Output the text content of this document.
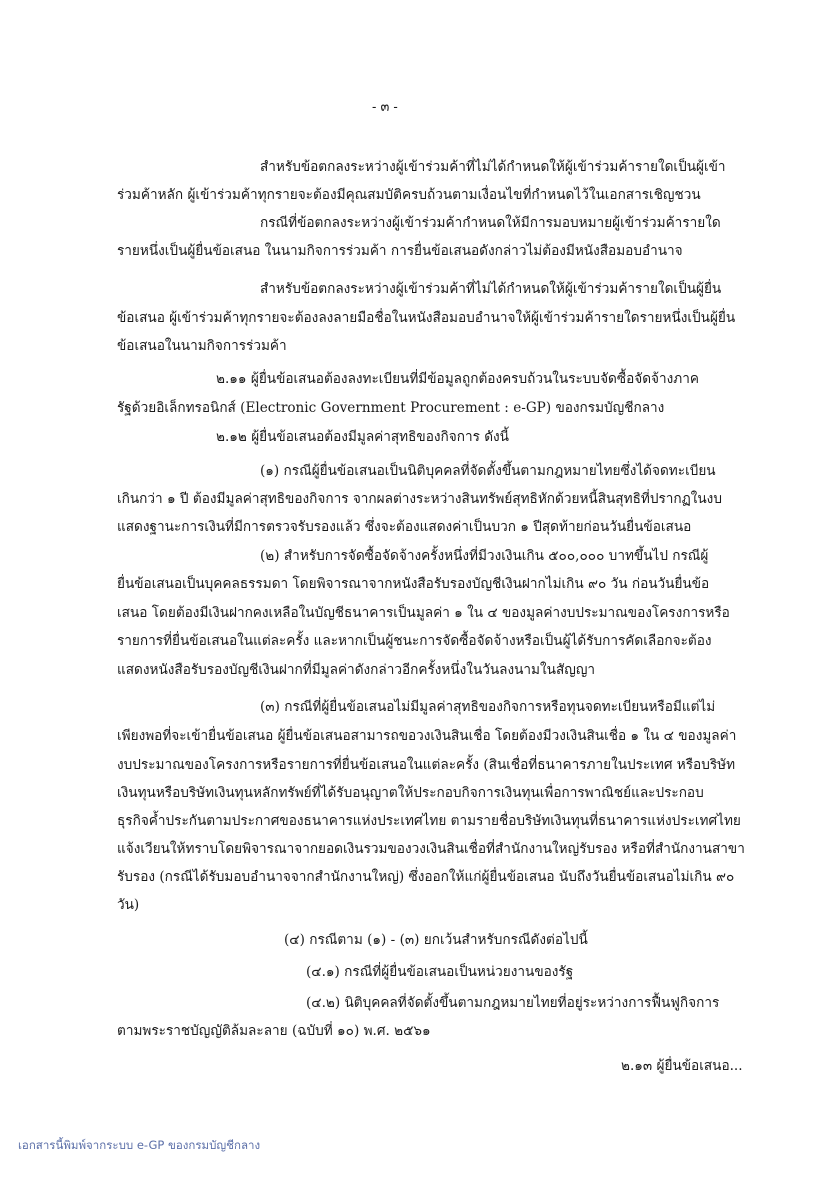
- ๓ -
สำหรับข้อตกลงระหว่างผู้เข้าร่วมค้าที่ไม่ได้กำหนดให้ผู้เข้าร่วมค้ารายใดเป็นผู้เข้า
ร่วมค้าหลัก ผู้เข้าร่วมค้าทุกรายจะต้องมีคุณสมบัติครบถ้วนตามเงื่อนไขที่กำหนดไว้ในเอกสารเชิญชวน
กรณีที่ข้อตกลงระหว่างผู้เข้าร่วมค้ากำหนดให้มีการมอบหมายผู้เข้าร่วมค้ารายใด
รายหนึ่งเป็นผู้ยื่นข้อเสนอ ในนามกิจการร่วมค้า การยื่นข้อเสนอดังกล่าวไม่ต้องมีหนังสือมอบอำนาจ
สำหรับข้อตกลงระหว่างผู้เข้าร่วมค้าที่ไม่ได้กำหนดให้ผู้เข้าร่วมค้ารายใดเป็นผู้ยื่น
ข้อเสนอ ผู้เข้าร่วมค้าทุกรายจะต้องลงลายมือชื่อในหนังสือมอบอำนาจให้ผู้เข้าร่วมค้ารายใดรายหนึ่งเป็นผู้ยื่น
ข้อเสนอในนามกิจการร่วมค้า
๒.๑๑ ผู้ยื่นข้อเสนอต้องลงทะเบียนที่มีข้อมูลถูกต้องครบถ้วนในระบบจัดซื้อจัดจ้างภาค
รัฐด้วยอิเล็กทรอนิกส์ (Electronic Government Procurement : e-GP) ของกรมบัญชีกลาง
๒.๑๒ ผู้ยื่นข้อเสนอต้องมีมูลค่าสุทธิของกิจการ ดังนี้
(๑) กรณีผู้ยื่นข้อเสนอเป็นนิติบุคคลที่จัดตั้งขึ้นตามกฎหมายไทยซึ่งได้จดทะเบียน
เกินกว่า ๑ ปี ต้องมีมูลค่าสุทธิของกิจการ จากผลต่างระหว่างสินทรัพย์สุทธิหักด้วยหนี้สินสุทธิที่ปรากฏในงบ
แสดงฐานะการเงินที่มีการตรวจรับรองแล้ว ซึ่งจะต้องแสดงค่าเป็นบวก ๑ ปีสุดท้ายก่อนวันยื่นข้อเสนอ
(๒) สำหรับการจัดซื้อจัดจ้างครั้งหนึ่งที่มีวงเงินเกิน ๕๐๐,๐๐๐ บาทขึ้นไป กรณีผู้
ยื่นข้อเสนอเป็นบุคคลธรรมดา โดยพิจารณาจากหนังสือรับรองบัญชีเงินฝากไม่เกิน ๙๐ วัน ก่อนวันยื่นข้อ
เสนอ โดยต้องมีเงินฝากคงเหลือในบัญชีธนาคารเป็นมูลค่า ๑ ใน ๔ ของมูลค่างบประมาณของโครงการหรือ
รายการที่ยื่นข้อเสนอในแต่ละครั้ง และหากเป็นผู้ชนะการจัดซื้อจัดจ้างหรือเป็นผู้ได้รับการคัดเลือกจะต้อง
แสดงหนังสือรับรองบัญชีเงินฝากที่มีมูลค่าดังกล่าวอีกครั้งหนึ่งในวันลงนามในสัญญา
(๓) กรณีที่ผู้ยื่นข้อเสนอไม่มีมูลค่าสุทธิของกิจการหรือทุนจดทะเบียนหรือมีแต่ไม่
เพียงพอที่จะเข้ายื่นข้อเสนอ ผู้ยื่นข้อเสนอสามารถขอวงเงินสินเชื่อ โดยต้องมีวงเงินสินเชื่อ ๑ ใน ๔ ของมูลค่า
งบประมาณของโครงการหรือรายการที่ยื่นข้อเสนอในแต่ละครั้ง (สินเชื่อที่ธนาคารภายในประเทศ หรือบริษัท
เงินทุนหรือบริษัทเงินทุนหลักทรัพย์ที่ได้รับอนุญาตให้ประกอบกิจการเงินทุนเพื่อการพาณิชย์และประกอบ
ธุรกิจค้ำประกันตามประกาศของธนาคารแห่งประเทศไทย ตามรายชื่อบริษัทเงินทุนที่ธนาคารแห่งประเทศไทย
แจ้งเวียนให้ทราบโดยพิจารณาจากยอดเงินรวมของวงเงินสินเชื่อที่สำนักงานใหญ่รับรอง หรือที่สำนักงานสาขา
รับรอง (กรณีได้รับมอบอำนาจจากสำนักงานใหญ่) ซึ่งออกให้แก่ผู้ยื่นข้อเสนอ นับถึงวันยื่นข้อเสนอไม่เกิน ๙๐
วัน)
(๔) กรณีตาม (๑) - (๓) ยกเว้นสำหรับกรณีดังต่อไปนี้
(๔.๑) กรณีที่ผู้ยื่นข้อเสนอเป็นหน่วยงานของรัฐ
(๔.๒) นิติบุคคลที่จัดตั้งขึ้นตามกฎหมายไทยที่อยู่ระหว่างการฟื้นฟูกิจการ
ตามพระราชบัญญัติล้มละลาย (ฉบับที่ ๑๐) พ.ศ. ๒๕๖๑
๒.๑๓ ผู้ยื่นข้อเสนอ...
เอกสารนี้พิมพ์จากระบบ e-GP ของกรมบัญชีกลาง
